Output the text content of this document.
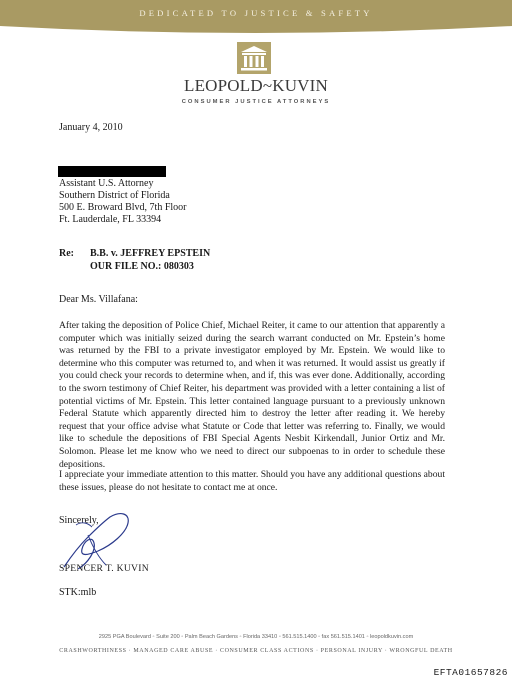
DEDICATED TO JUSTICE & SAFETY
LEOPOLD~KUVIN
CONSUMER JUSTICE ATTORNEYS
January 4, 2010
Assistant U.S. Attorney
Southern District of Florida
500 E. Broward Blvd, 7th Floor
Ft. Lauderdale, FL 33394
Re: B.B. v. JEFFREY EPSTEIN
OUR FILE NO.: 080303
Dear Ms. Villafana:
After taking the deposition of Police Chief, Michael Reiter, it came to our attention that apparently a computer which was initially seized during the search warrant conducted on Mr. Epstein’s home was returned by the FBI to a private investigator employed by Mr. Epstein. We would like to determine who this computer was returned to, and when it was returned. It would assist us greatly if you could check your records to determine when, and if, this was ever done. Additionally, according to the sworn testimony of Chief Reiter, his department was provided with a letter containing a list of potential victims of Mr. Epstein. This letter contained language pursuant to a previously unknown Federal Statute which apparently directed him to destroy the letter after reading it. We hereby request that your office advise what Statute or Code that letter was referring to. Finally, we would like to schedule the depositions of FBI Special Agents Nesbit Kirkendall, Junior Ortiz and Mr. Solomon. Please let me know who we need to direct our subpoenas to in order to schedule these depositions.
I appreciate your immediate attention to this matter. Should you have any additional questions about these issues, please do not hesitate to contact me at once.
Sincerely,
SPENCER T. KUVIN
STK:mlb
2925 PGA Boulevard ◦ Suite 200 ◦ Palm Beach Gardens ◦ Florida 33410 ◦ 561.515.1400 ◦ fax 561.515.1401 ◦ leopoldkuvin.com
CRASHWORTHINESS · MANAGED CARE ABUSE · CONSUMER CLASS ACTIONS · PERSONAL INJURY · WRONGFUL DEATH
EFTA01657826
